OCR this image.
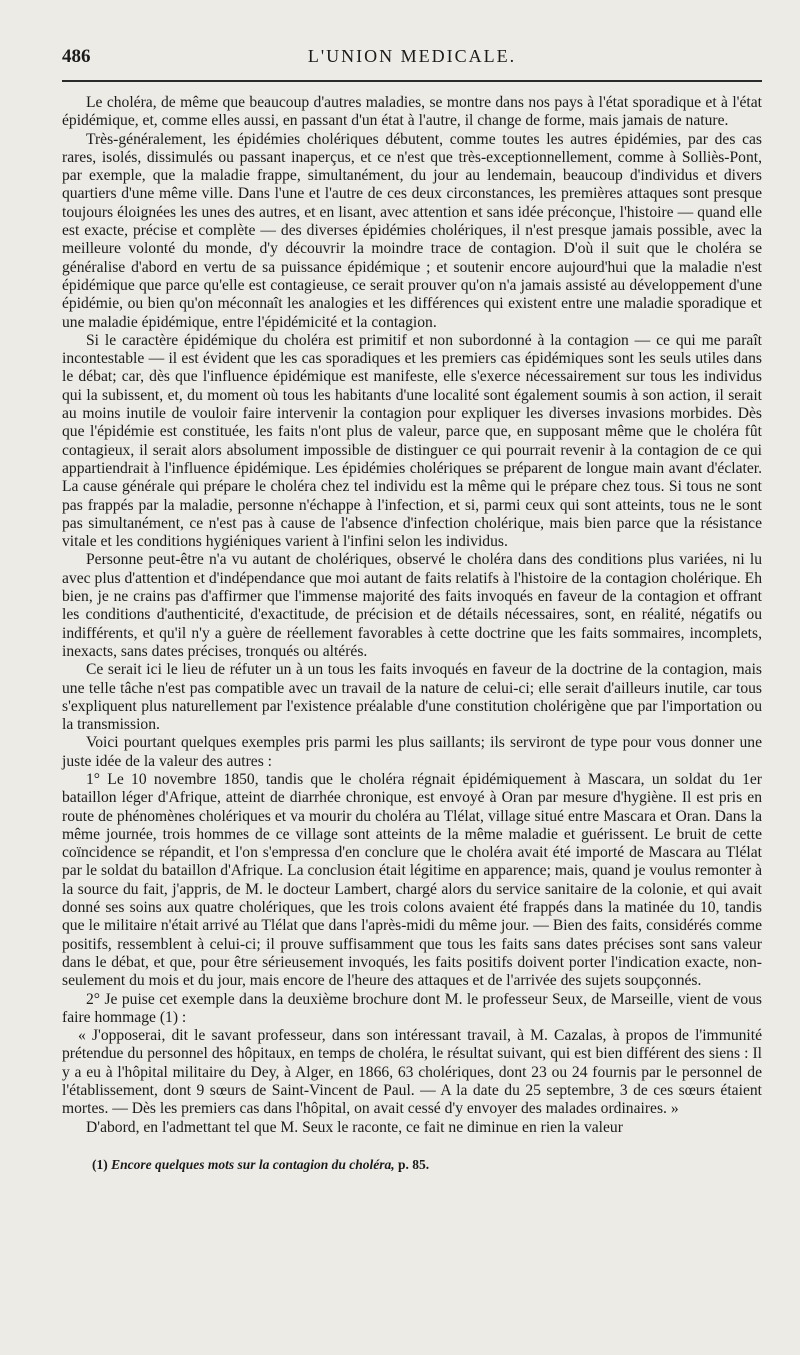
486	L'UNION MEDICALE.

Le choléra, de même que beaucoup d'autres maladies, se montre dans nos pays à l'état sporadique et à l'état épidémique, et, comme elles aussi, en passant d'un état à l'autre, il change de forme, mais jamais de nature.

Très-généralement, les épidémies cholériques débutent, comme toutes les autres épidémies, par des cas rares, isolés, dissimulés ou passant inaperçus, et ce n'est que très-exceptionnellement, comme à Solliès-Pont, par exemple, que la maladie frappe, simultanément, du jour au lendemain, beaucoup d'individus et divers quartiers d'une même ville. Dans l'une et l'autre de ces deux circonstances, les premières attaques sont presque toujours éloignées les unes des autres, et en lisant, avec attention et sans idée préconçue, l'histoire — quand elle est exacte, précise et complète — des diverses épidémies cholériques, il n'est presque jamais possible, avec la meilleure volonté du monde, d'y découvrir la moindre trace de contagion. D'où il suit que le choléra se généralise d'abord en vertu de sa puissance épidémique ; et soutenir encore aujourd'hui que la maladie n'est épidémique que parce qu'elle est contagieuse, ce serait prouver qu'on n'a jamais assisté au développement d'une épidémie, ou bien qu'on méconnaît les analogies et les différences qui existent entre une maladie sporadique et une maladie épidémique, entre l'épidémicité et la contagion.

Si le caractère épidémique du choléra est primitif et non subordonné à la contagion — ce qui me paraît incontestable — il est évident que les cas sporadiques et les premiers cas épidémiques sont les seuls utiles dans le débat; car, dès que l'influence épidémique est manifeste, elle s'exerce nécessairement sur tous les individus qui la subissent, et, du moment où tous les habitants d'une localité sont également soumis à son action, il serait au moins inutile de vouloir faire intervenir la contagion pour expliquer les diverses invasions morbides. Dès que l'épidémie est constituée, les faits n'ont plus de valeur, parce que, en supposant même que le choléra fût contagieux, il serait alors absolument impossible de distinguer ce qui pourrait revenir à la contagion de ce qui appartiendrait à l'influence épidémique. Les épidémies cholériques se préparent de longue main avant d'éclater. La cause générale qui prépare le choléra chez tel individu est la même qui le prépare chez tous. Si tous ne sont pas frappés par la maladie, personne n'échappe à l'infection, et si, parmi ceux qui sont atteints, tous ne le sont pas simultanément, ce n'est pas à cause de l'absence d'infection cholérique, mais bien parce que la résistance vitale et les conditions hygiéniques varient à l'infini selon les individus.

Personne peut-être n'a vu autant de cholériques, observé le choléra dans des conditions plus variées, ni lu avec plus d'attention et d'indépendance que moi autant de faits relatifs à l'histoire de la contagion cholérique. Eh bien, je ne crains pas d'affirmer que l'immense majorité des faits invoqués en faveur de la contagion et offrant les conditions d'authenticité, d'exactitude, de précision et de détails nécessaires, sont, en réalité, négatifs ou indifférents, et qu'il n'y a guère de réellement favorables à cette doctrine que les faits sommaires, incomplets, inexacts, sans dates précises, tronqués ou altérés.

Ce serait ici le lieu de réfuter un à un tous les faits invoqués en faveur de la doctrine de la contagion, mais une telle tâche n'est pas compatible avec un travail de la nature de celui-ci; elle serait d'ailleurs inutile, car tous s'expliquent plus naturellement par l'existence préalable d'une constitution cholérigène que par l'importation ou la transmission.

Voici pourtant quelques exemples pris parmi les plus saillants; ils serviront de type pour vous donner une juste idée de la valeur des autres :

1° Le 10 novembre 1850, tandis que le choléra régnait épidémiquement à Mascara, un soldat du 1er bataillon léger d'Afrique, atteint de diarrhée chronique, est envoyé à Oran par mesure d'hygiène. Il est pris en route de phénomènes cholériques et va mourir du choléra au Tlélat, village situé entre Mascara et Oran. Dans la même journée, trois hommes de ce village sont atteints de la même maladie et guérissent. Le bruit de cette coïncidence se répandit, et l'on s'empressa d'en conclure que le choléra avait été importé de Mascara au Tlélat par le soldat du bataillon d'Afrique. La conclusion était légitime en apparence; mais, quand je voulus remonter à la source du fait, j'appris, de M. le docteur Lambert, chargé alors du service sanitaire de la colonie, et qui avait donné ses soins aux quatre cholériques, que les trois colons avaient été frappés dans la matinée du 10, tandis que le militaire n'était arrivé au Tlélat que dans l'après-midi du même jour. — Bien des faits, considérés comme positifs, ressemblent à celui-ci; il prouve suffisamment que tous les faits sans dates précises sont sans valeur dans le débat, et que, pour être sérieusement invoqués, les faits positifs doivent porter l'indication exacte, non-seulement du mois et du jour, mais encore de l'heure des attaques et de l'arrivée des sujets soupçonnés.

2° Je puise cet exemple dans la deuxième brochure dont M. le professeur Seux, de Marseille, vient de vous faire hommage (1) :

« J'opposerai, dit le savant professeur, dans son intéressant travail, à M. Cazalas, à propos de l'immunité prétendue du personnel des hôpitaux, en temps de choléra, le résultat suivant, qui est bien différent des siens : Il y a eu à l'hôpital militaire du Dey, à Alger, en 1866, 63 cholériques, dont 23 ou 24 fournis par le personnel de l'établissement, dont 9 sœurs de Saint-Vincent de Paul. — A la date du 25 septembre, 3 de ces sœurs étaient mortes. — Dès les premiers cas dans l'hôpital, on avait cessé d'y envoyer des malades ordinaires. »

D'abord, en l'admettant tel que M. Seux le raconte, ce fait ne diminue en rien la valeur

(1) Encore quelques mots sur la contagion du choléra, p. 85.
